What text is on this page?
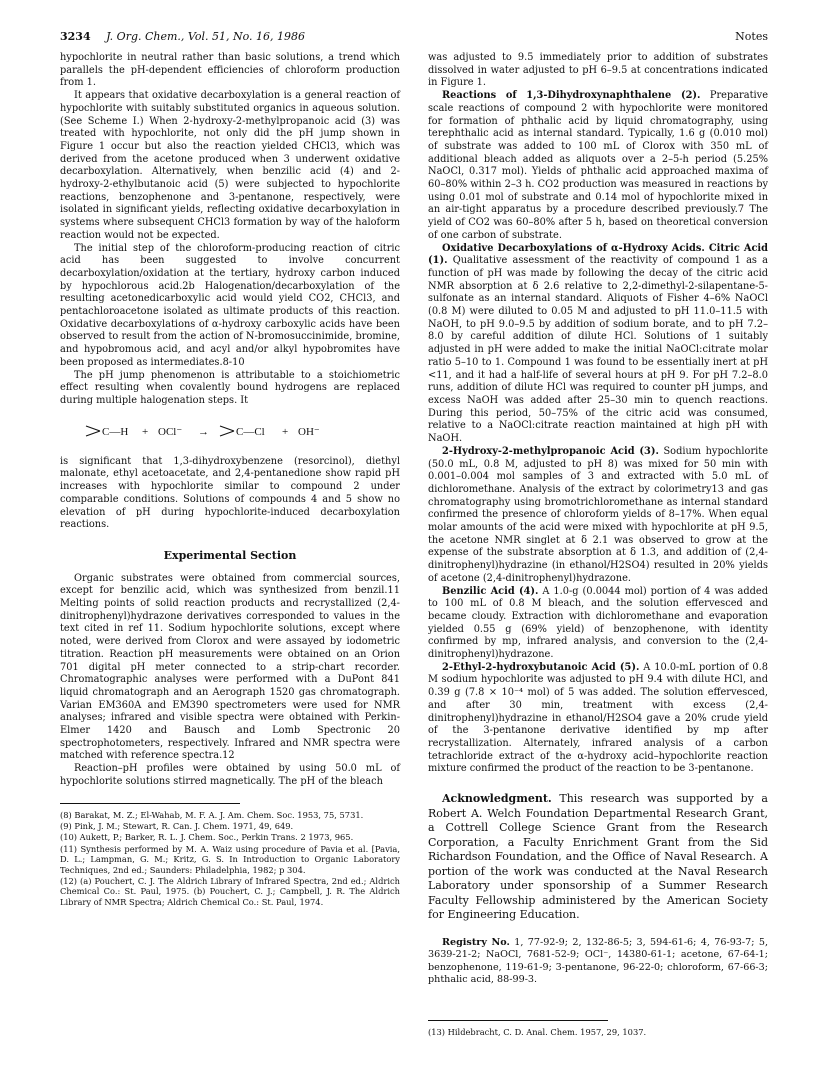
3234 J. Org. Chem., Vol. 51, No. 16, 1986	Notes

hypochlorite in neutral rather than basic solutions, a trend which parallels the pH-dependent efficiencies of chloroform production from 1.

It appears that oxidative decarboxylation is a general reaction of hypochlorite with suitably substituted organics in aqueous solution. (See Scheme I.) When 2-hydroxy-2-methylpropanoic acid (3) was treated with hypochlorite, not only did the pH jump shown in Figure 1 occur but also the reaction yielded CHCl3, which was derived from the acetone produced when 3 underwent oxidative decarboxylation. Alternatively, when benzilic acid (4) and 2-hydroxy-2-ethylbutanoic acid (5) were subjected to hypochlorite reactions, benzophenone and 3-pentanone, respectively, were isolated in significant yields, reflecting oxidative decarboxylation in systems where subsequent CHCl3 formation by way of the haloform reaction would not be expected.

The initial step of the chloroform-producing reaction of citric acid has been suggested to involve concurrent decarboxylation/oxidation at the tertiary, hydroxy carbon induced by hypochlorous acid.2b Halogenation/decarboxylation of the resulting acetonedicarboxylic acid would yield CO2, CHCl3, and pentachloroacetone isolated as ultimate products of this reaction. Oxidative decarboxylations of α-hydroxy carboxylic acids have been observed to result from the action of N-bromosuccinimide, bromine, and hypobromous acid, and acyl and/or alkyl hypobromites have been proposed as intermediates.8-10

The pH jump phenomenon is attributable to a stoichiometric effect resulting when covalently bound hydrogens are replaced during multiple halogenation steps. It

C—H + OCl⁻ → C—Cl + OH⁻

is significant that 1,3-dihydroxybenzene (resorcinol), diethyl malonate, ethyl acetoacetate, and 2,4-pentanedione show rapid pH increases with hypochlorite similar to compound 2 under comparable conditions. Solutions of compounds 4 and 5 show no elevation of pH during hypochlorite-induced decarboxylation reactions.

Experimental Section

Organic substrates were obtained from commercial sources, except for benzilic acid, which was synthesized from benzil.11 Melting points of solid reaction products and recrystallized (2,4-dinitrophenyl)hydrazone derivatives corresponded to values in the text cited in ref 11. Sodium hypochlorite solutions, except where noted, were derived from Clorox and were assayed by iodometric titration. Reaction pH measurements were obtained on an Orion 701 digital pH meter connected to a strip-chart recorder. Chromatographic analyses were performed with a DuPont 841 liquid chromatograph and an Aerograph 1520 gas chromatograph. Varian EM360A and EM390 spectrometers were used for NMR analyses; infrared and visible spectra were obtained with Perkin-Elmer 1420 and Bausch and Lomb Spectronic 20 spectrophotometers, respectively. Infrared and NMR spectra were matched with reference spectra.12

Reaction–pH profiles were obtained by using 50.0 mL of hypochlorite solutions stirred magnetically. The pH of the bleach

(8) Barakat, M. Z.; El-Wahab, M. F. A. J. Am. Chem. Soc. 1953, 75, 5731.

(9) Pink, J. M.; Stewart, R. Can. J. Chem. 1971, 49, 649.

(10) Aukett, P.; Barker, R. L. J. Chem. Soc., Perkin Trans. 2 1973, 965.

(11) Synthesis performed by M. A. Waiz using procedure of Pavia et al. [Pavia, D. L.; Lampman, G. M.; Kritz, G. S. In Introduction to Organic Laboratory Techniques, 2nd ed.; Saunders: Philadelphia, 1982; p 304.

(12) (a) Pouchert, C. J. The Aldrich Library of Infrared Spectra, 2nd ed.; Aldrich Chemical Co.: St. Paul, 1975. (b) Pouchert, C. J.; Campbell, J. R. The Aldrich Library of NMR Spectra; Aldrich Chemical Co.: St. Paul, 1974.

was adjusted to 9.5 immediately prior to addition of substrates dissolved in water adjusted to pH 6–9.5 at concentrations indicated in Figure 1.

Reactions of 1,3-Dihydroxynaphthalene (2). Preparative scale reactions of compound 2 with hypochlorite were monitored for formation of phthalic acid by liquid chromatography, using terephthalic acid as internal standard. Typically, 1.6 g (0.010 mol) of substrate was added to 100 mL of Clorox with 350 mL of additional bleach added as aliquots over a 2–5-h period (5.25% NaOCl, 0.317 mol). Yields of phthalic acid approached maxima of 60–80% within 2–3 h. CO2 production was measured in reactions by using 0.01 mol of substrate and 0.14 mol of hypochlorite mixed in an air-tight apparatus by a procedure described previously.7 The yield of CO2 was 60–80% after 5 h, based on theoretical conversion of one carbon of substrate.

Oxidative Decarboxylations of α-Hydroxy Acids. Citric Acid (1). Qualitative assessment of the reactivity of compound 1 as a function of pH was made by following the decay of the citric acid NMR absorption at δ 2.6 relative to 2,2-dimethyl-2-silapentane-5-sulfonate as an internal standard. Aliquots of Fisher 4–6% NaOCl (0.8 M) were diluted to 0.05 M and adjusted to pH 11.0–11.5 with NaOH, to pH 9.0–9.5 by addition of sodium borate, and to pH 7.2–8.0 by careful addition of dilute HCl. Solutions of 1 suitably adjusted in pH were added to make the initial NaOCl:citrate molar ratio 5–10 to 1. Compound 1 was found to be essentially inert at pH <11, and it had a half-life of several hours at pH 9. For pH 7.2–8.0 runs, addition of dilute HCl was required to counter pH jumps, and excess NaOH was added after 25–30 min to quench reactions. During this period, 50–75% of the citric acid was consumed, relative to a NaOCl:citrate reaction maintained at high pH with NaOH.

2-Hydroxy-2-methylpropanoic Acid (3). Sodium hypochlorite (50.0 mL, 0.8 M, adjusted to pH 8) was mixed for 50 min with 0.001–0.004 mol samples of 3 and extracted with 5.0 mL of dichloromethane. Analysis of the extract by colorimetry13 and gas chromatography using bromotrichloromethane as internal standard confirmed the presence of chloroform yields of 8–17%. When equal molar amounts of the acid were mixed with hypochlorite at pH 9.5, the acetone NMR singlet at δ 2.1 was observed to grow at the expense of the substrate absorption at δ 1.3, and addition of (2,4-dinitrophenyl)hydrazine (in ethanol/H2SO4) resulted in 20% yields of acetone (2,4-dinitrophenyl)hydrazone.

Benzilic Acid (4). A 1.0-g (0.0044 mol) portion of 4 was added to 100 mL of 0.8 M bleach, and the solution effervesced and became cloudy. Extraction with dichloromethane and evaporation yielded 0.55 g (69% yield) of benzophenone, with identity confirmed by mp, infrared analysis, and conversion to the (2,4-dinitrophenyl)hydrazone.

2-Ethyl-2-hydroxybutanoic Acid (5). A 10.0-mL portion of 0.8 M sodium hypochlorite was adjusted to pH 9.4 with dilute HCl, and 0.39 g (7.8 × 10⁻⁴ mol) of 5 was added. The solution effervesced, and after 30 min, treatment with excess (2,4-dinitrophenyl)hydrazine in ethanol/H2SO4 gave a 20% crude yield of the 3-pentanone derivative identified by mp after recrystallization. Alternately, infrared analysis of a carbon tetrachloride extract of the α-hydroxy acid–hypochlorite reaction mixture confirmed the product of the reaction to be 3-pentanone.

Acknowledgment. This research was supported by a Robert A. Welch Foundation Departmental Research Grant, a Cottrell College Science Grant from the Research Corporation, a Faculty Enrichment Grant from the Sid Richardson Foundation, and the Office of Naval Research. A portion of the work was conducted at the Naval Research Laboratory under sponsorship of a Summer Research Faculty Fellowship administered by the American Society for Engineering Education.

Registry No. 1, 77-92-9; 2, 132-86-5; 3, 594-61-6; 4, 76-93-7; 5, 3639-21-2; NaOCl, 7681-52-9; OCl⁻, 14380-61-1; acetone, 67-64-1; benzophenone, 119-61-9; 3-pentanone, 96-22-0; chloroform, 67-66-3; phthalic acid, 88-99-3.

(13) Hildebracht, C. D. Anal. Chem. 1957, 29, 1037.
